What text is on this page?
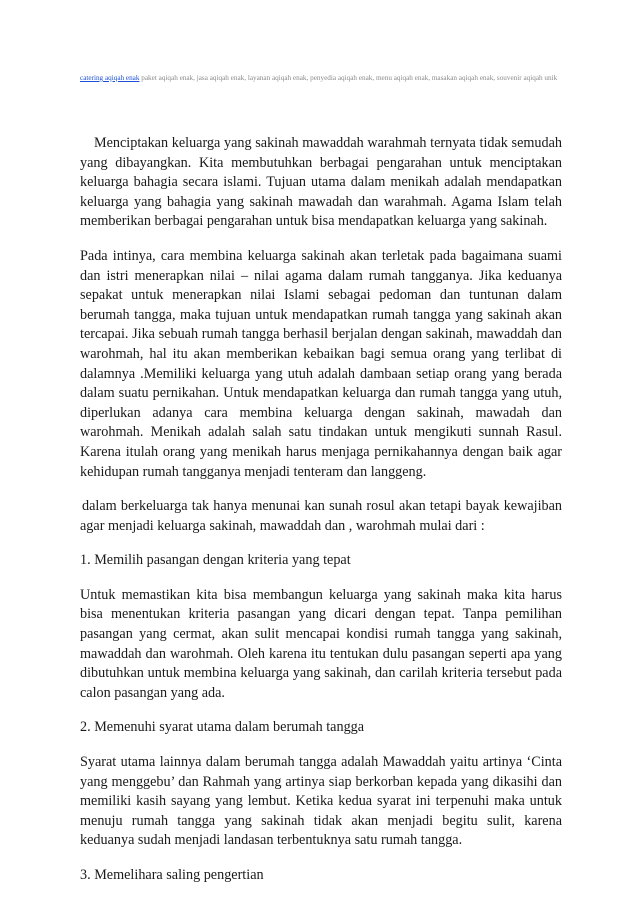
catering aqiqah enak paket aqiqah enak, jasa aqiqah enak, layanan aqiqah enak, penyedia aqiqah enak, menu aqiqah enak, masakan aqiqah enak, souvenir aqiqah unik

Menciptakan keluarga yang sakinah mawaddah warahmah ternyata tidak semudah yang dibayangkan. Kita membutuhkan berbagai pengarahan untuk menciptakan keluarga bahagia secara islami. Tujuan utama dalam menikah adalah mendapatkan keluarga yang bahagia yang sakinah mawadah dan warahmah. Agama Islam telah memberikan berbagai pengarahan untuk bisa mendapatkan keluarga yang sakinah.

Pada intinya, cara membina keluarga sakinah akan terletak pada bagaimana suami dan istri menerapkan nilai – nilai agama dalam rumah tangganya. Jika keduanya sepakat untuk menerapkan nilai Islami sebagai pedoman dan tuntunan dalam berumah tangga, maka tujuan untuk mendapatkan rumah tangga yang sakinah akan tercapai. Jika sebuah rumah tangga berhasil berjalan dengan sakinah, mawaddah dan warohmah, hal itu akan memberikan kebaikan bagi semua orang yang terlibat di dalamnya .Memiliki keluarga yang utuh adalah dambaan setiap orang yang berada dalam suatu pernikahan. Untuk mendapatkan keluarga dan rumah tangga yang utuh, diperlukan adanya cara membina keluarga dengan sakinah, mawadah dan warohmah. Menikah adalah salah satu tindakan untuk mengikuti sunnah Rasul. Karena itulah orang yang menikah harus menjaga pernikahannya dengan baik agar kehidupan rumah tangganya menjadi tenteram dan langgeng.

dalam berkeluarga tak hanya menunai kan sunah rosul akan tetapi bayak kewajiban agar menjadi keluarga sakinah, mawaddah dan , warohmah mulai dari :

1. Memilih pasangan dengan kriteria yang tepat

Untuk memastikan kita bisa membangun keluarga yang sakinah maka kita harus bisa menentukan kriteria pasangan yang dicari dengan tepat. Tanpa pemilihan pasangan yang cermat, akan sulit mencapai kondisi rumah tangga yang sakinah, mawaddah dan warohmah. Oleh karena itu tentukan dulu pasangan seperti apa yang dibutuhkan untuk membina keluarga yang sakinah, dan carilah kriteria tersebut pada calon pasangan yang ada.

2. Memenuhi syarat utama dalam berumah tangga

Syarat utama lainnya dalam berumah tangga adalah Mawaddah yaitu artinya ‘Cinta yang menggebu’ dan Rahmah yang artinya siap berkorban kepada yang dikasihi dan memiliki kasih sayang yang lembut. Ketika kedua syarat ini terpenuhi maka untuk menuju rumah tangga yang sakinah tidak akan menjadi begitu sulit, karena keduanya sudah menjadi landasan terbentuknya satu rumah tangga.

3. Memelihara saling pengertian
